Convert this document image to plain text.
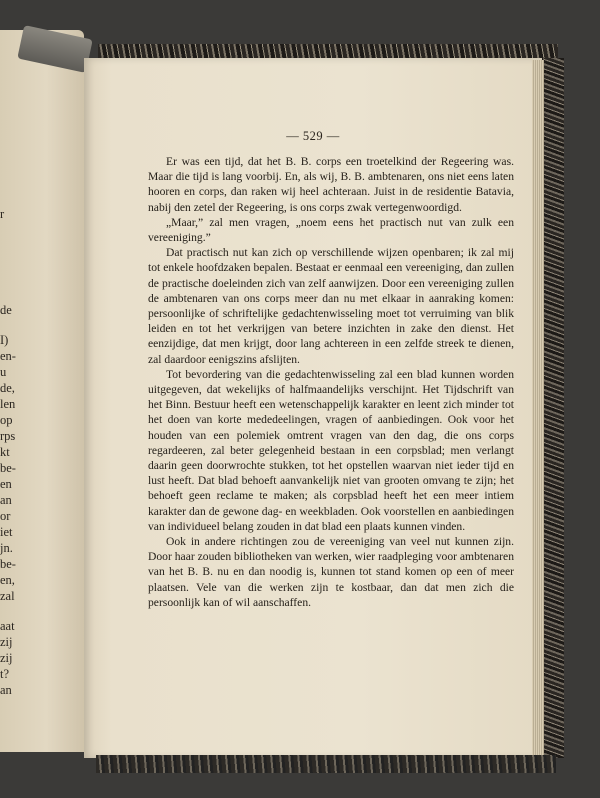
r
de
I)
en-
u
de,
len
op
rps
kt
be-
en
an
or
iet
jn.
be-
en,
zal
aat
zij
zij
t?
an
— 529 —

Er was een tijd, dat het B. B. corps een troetelkind der Regeering was. Maar die tijd is lang voorbij. En, als wij, B. B. ambtenaren, ons niet eens laten hooren en corps, dan raken wij heel achteraan. Juist in de residentie Batavia, nabij den zetel der Regeering, is ons corps zwak vertegenwoordigd.

„Maar,” zal men vragen, „noem eens het practisch nut van zulk een vereeniging.”

Dat practisch nut kan zich op verschillende wijzen openbaren; ik zal mij tot enkele hoofdzaken bepalen. Bestaat er eenmaal een vereeniging, dan zullen de practische doeleinden zich van zelf aanwijzen. Door een vereeniging zullen de ambtenaren van ons corps meer dan nu met elkaar in aanraking komen: persoonlijke of schriftelijke gedachtenwisseling moet tot verruiming van blik leiden en tot het verkrijgen van betere inzichten in zake den dienst. Het eenzijdige, dat men krijgt, door lang achtereen in een zelfde streek te dienen, zal daardoor eenigszins afslijten.

Tot bevordering van die gedachtenwisseling zal een blad kunnen worden uitgegeven, dat wekelijks of halfmaandelijks verschijnt. Het Tijdschrift van het Binn. Bestuur heeft een wetenschappelijk karakter en leent zich minder tot het doen van korte mededeelingen, vragen of aanbiedingen. Ook voor het houden van een polemiek omtrent vragen van den dag, die ons corps regardeeren, zal beter gelegenheid bestaan in een corpsblad; men verlangt daarin geen doorwrochte stukken, tot het opstellen waarvan niet ieder tijd en lust heeft. Dat blad behoeft aanvankelijk niet van grooten omvang te zijn; het behoeft geen reclame te maken; als corpsblad heeft het een meer intiem karakter dan de gewone dag- en weekbladen. Ook voorstellen en aanbiedingen van individueel belang zouden in dat blad een plaats kunnen vinden.

Ook in andere richtingen zou de vereeniging van veel nut kunnen zijn. Door haar zouden bibliotheken van werken, wier raadpleging voor ambtenaren van het B. B. nu en dan noodig is, kunnen tot stand komen op een of meer plaatsen. Vele van die werken zijn te kostbaar, dan dat men zich die persoonlijk kan of wil aanschaffen.
